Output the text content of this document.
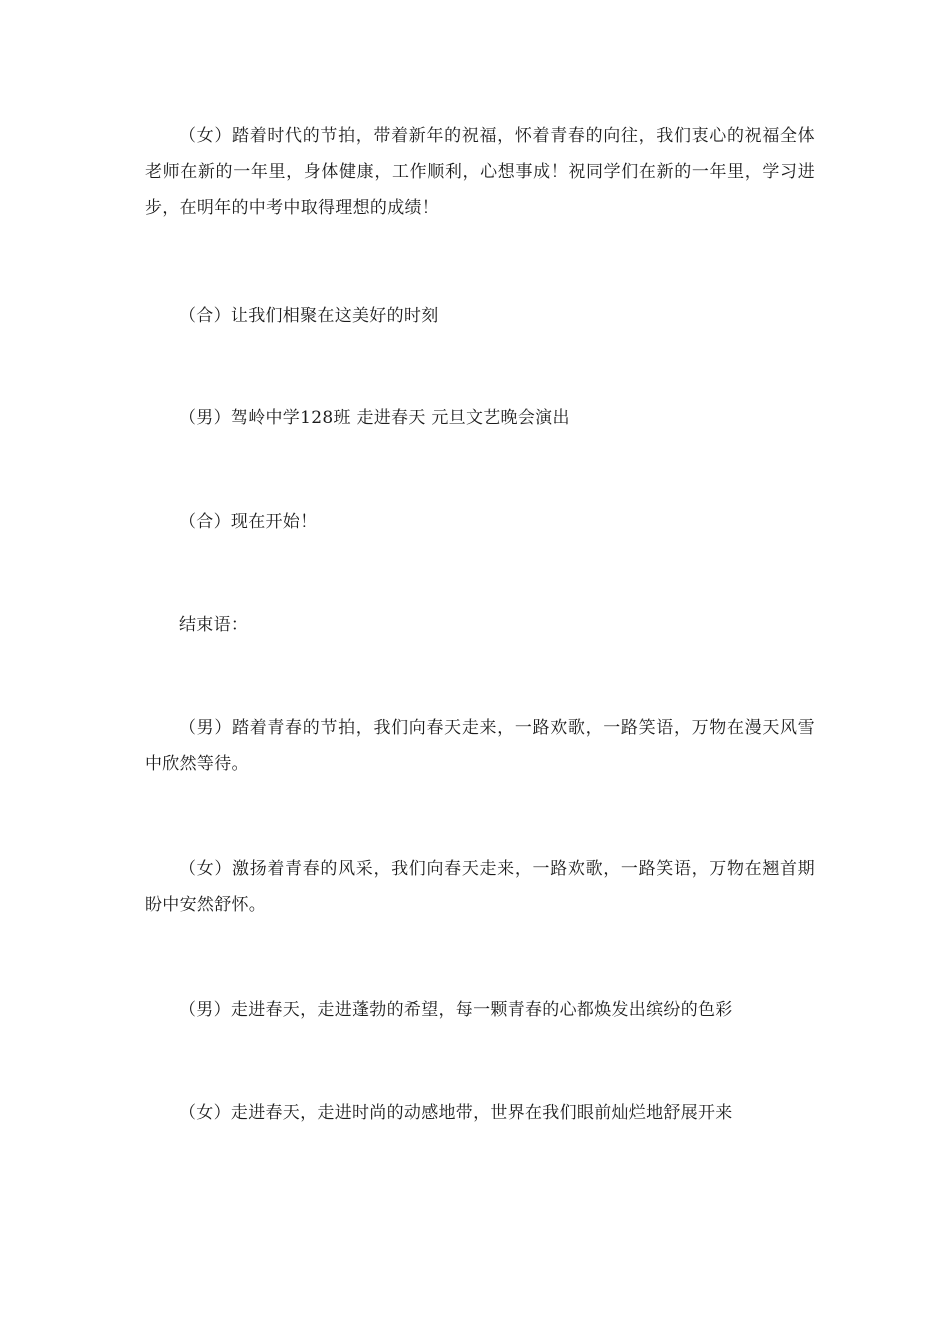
（女）踏着时代的节拍，带着新年的祝福，怀着青春的向往，我们衷心的祝福全体老师在新的一年里，身体健康，工作顺利，心想事成！祝同学们在新的一年里，学习进步，在明年的中考中取得理想的成绩！

（合）让我们相聚在这美好的时刻

（男）驾岭中学128班 走进春天 元旦文艺晚会演出

（合）现在开始！

结束语：

（男）踏着青春的节拍，我们向春天走来，一路欢歌，一路笑语，万物在漫天风雪中欣然等待。

（女）激扬着青春的风采，我们向春天走来，一路欢歌，一路笑语，万物在翘首期盼中安然舒怀。

（男）走进春天，走进蓬勃的希望，每一颗青春的心都焕发出缤纷的色彩

（女）走进春天，走进时尚的动感地带，世界在我们眼前灿烂地舒展开来
